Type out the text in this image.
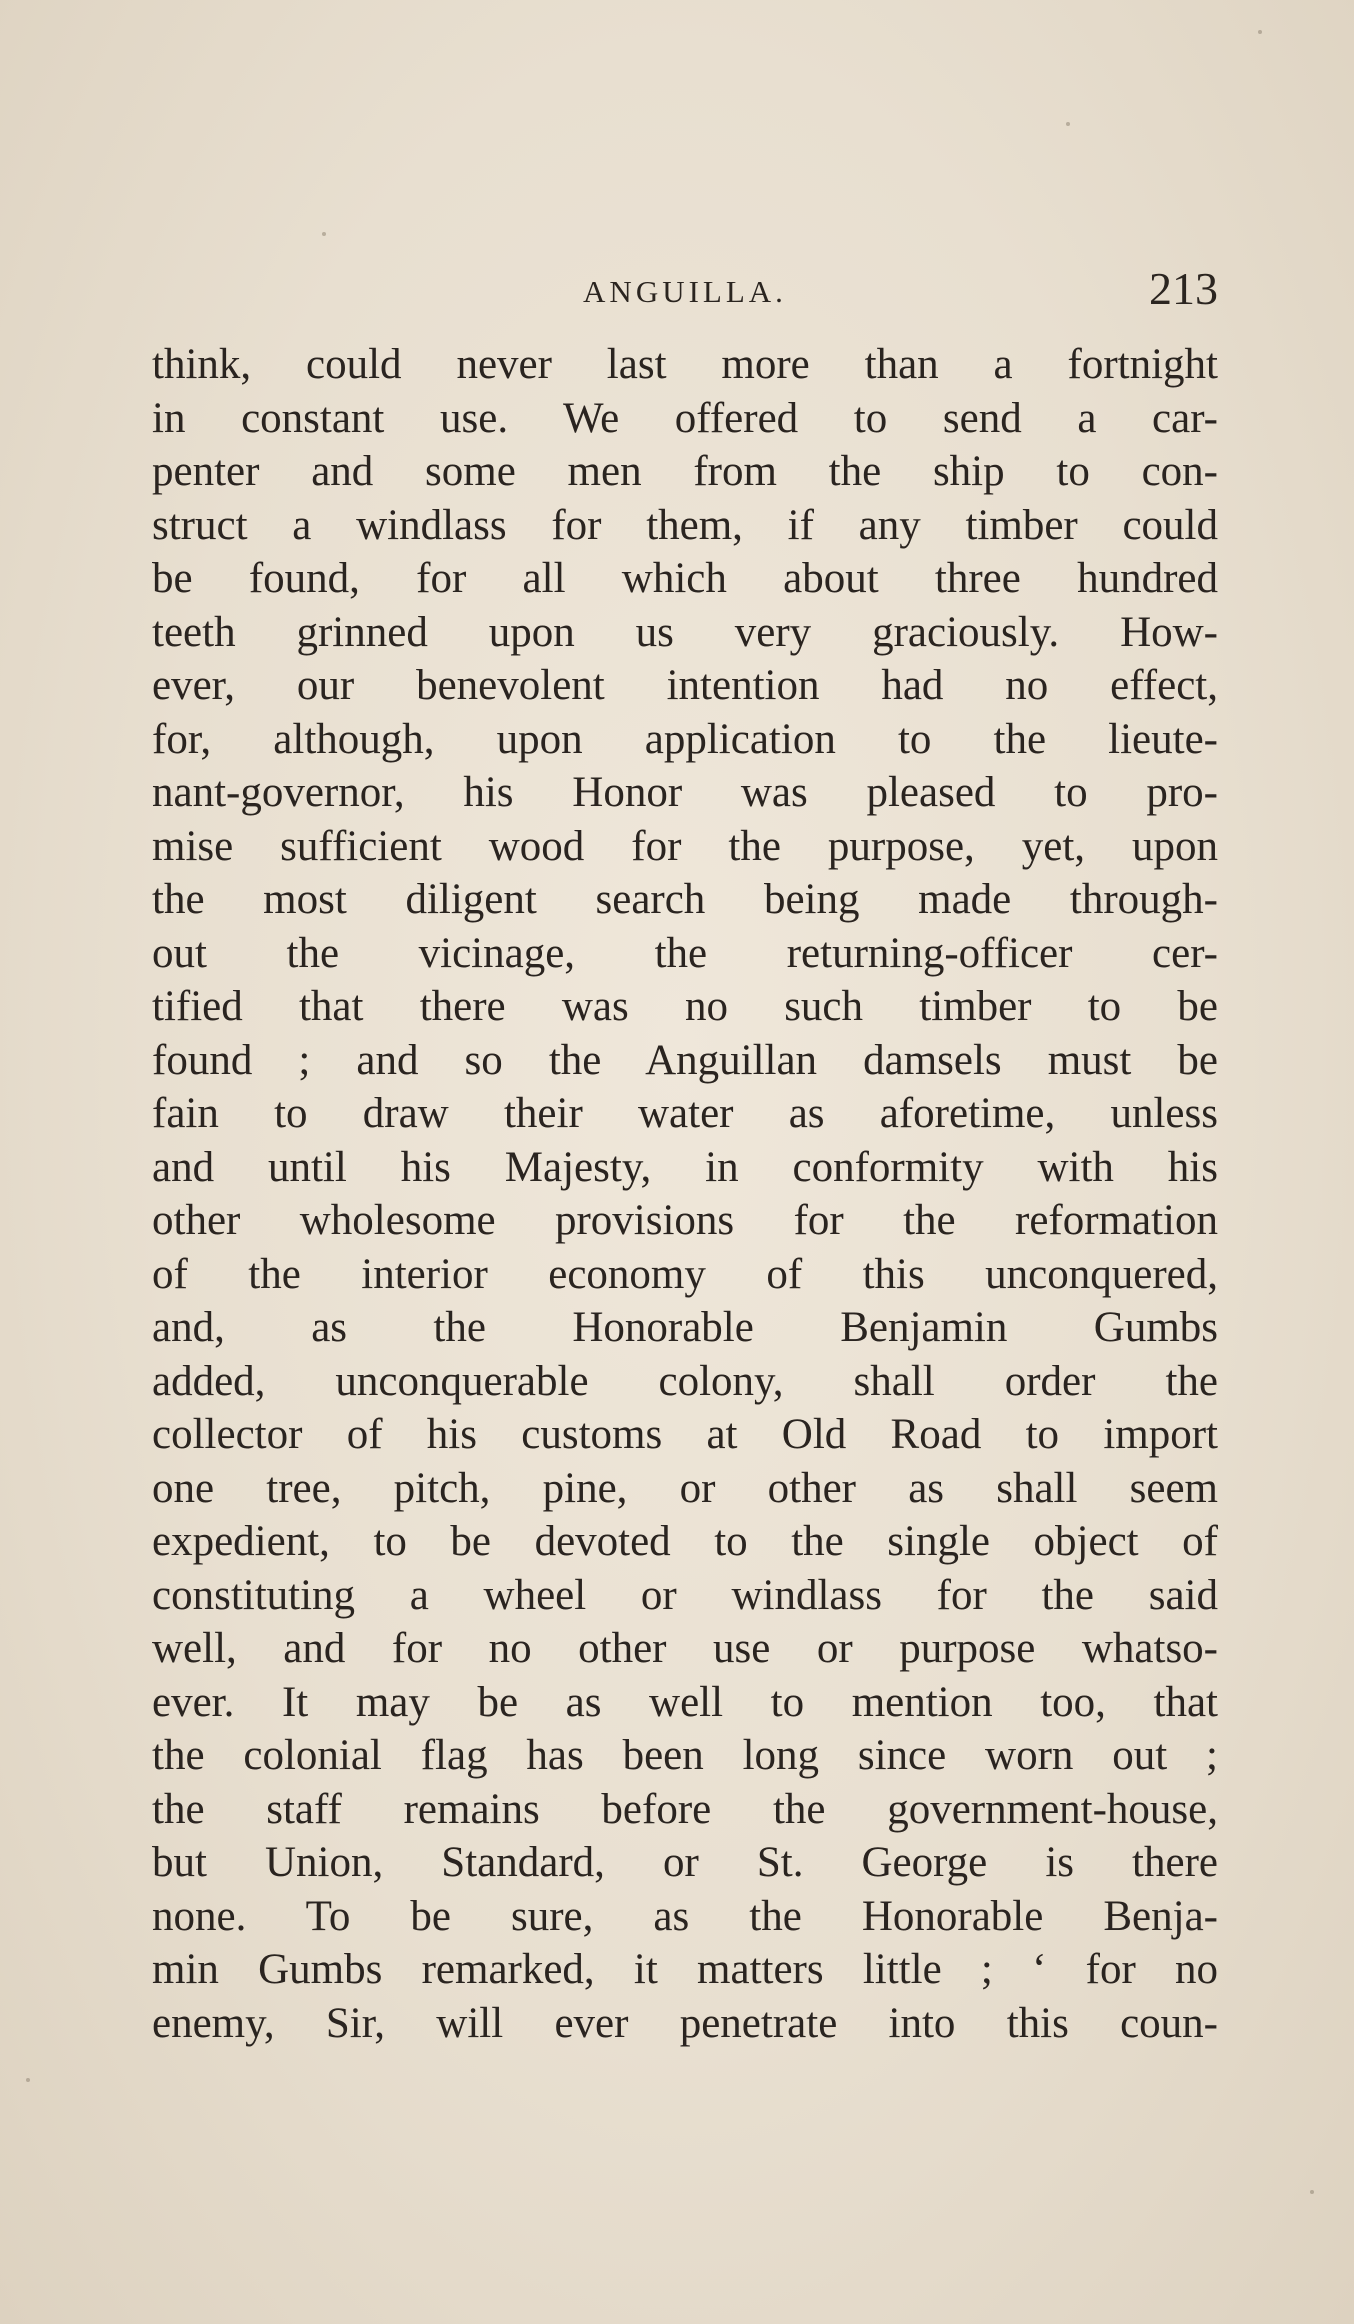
ANGUILLA.	213
think, could never last more than a fortnight
in constant use. We offered to send a car-
penter and some men from the ship to con-
struct a windlass for them, if any timber could
be found, for all which about three hundred
teeth grinned upon us very graciously. How-
ever, our benevolent intention had no effect,
for, although, upon application to the lieute-
nant-governor, his Honor was pleased to pro-
mise sufficient wood for the purpose, yet, upon
the most diligent search being made through-
out the vicinage, the returning-officer cer-
tified that there was no such timber to be
found ; and so the Anguillan damsels must be
fain to draw their water as aforetime, unless
and until his Majesty, in conformity with his
other wholesome provisions for the reformation
of the interior economy of this unconquered,
and, as the Honorable Benjamin Gumbs
added, unconquerable colony, shall order the
collector of his customs at Old Road to import
one tree, pitch, pine, or other as shall seem
expedient, to be devoted to the single object of
constituting a wheel or windlass for the said
well, and for no other use or purpose whatso-
ever. It may be as well to mention too, that
the colonial flag has been long since worn out ;
the staff remains before the government-house,
but Union, Standard, or St. George is there
none. To be sure, as the Honorable Benja-
min Gumbs remarked, it matters little ; ‘ for no
enemy, Sir, will ever penetrate into this coun-
